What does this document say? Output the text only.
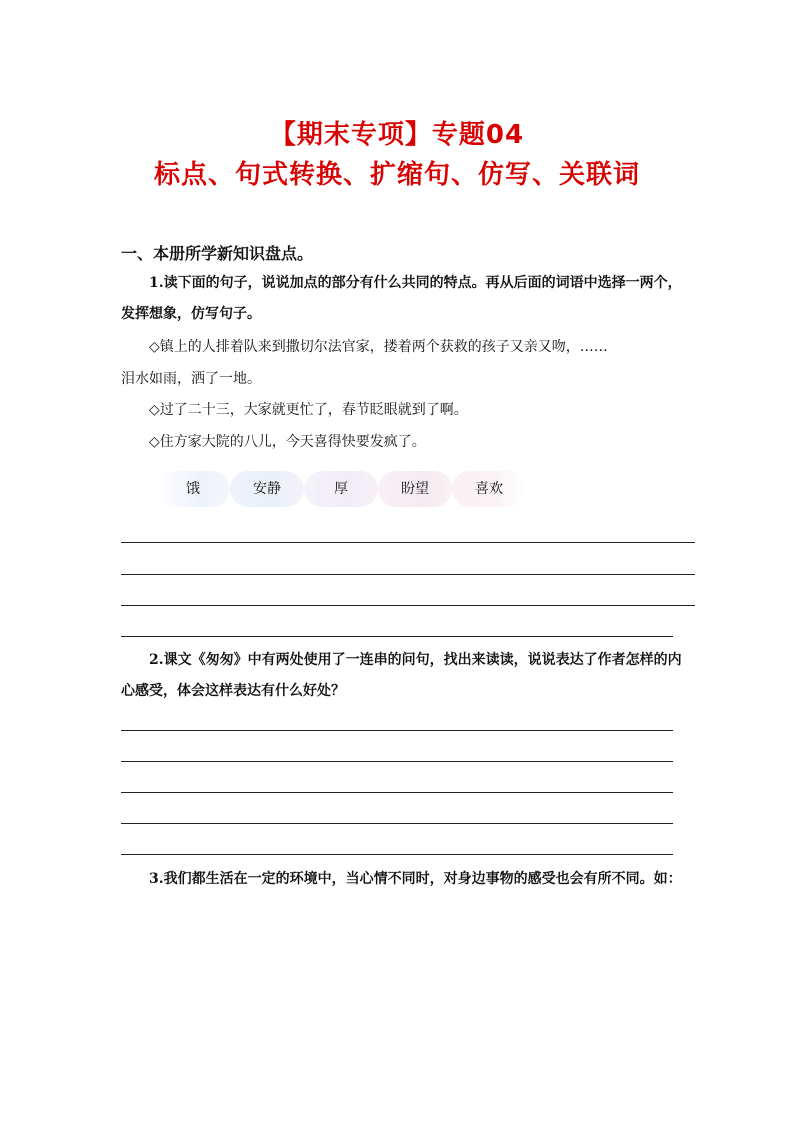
【期末专项】专题04
标点、句式转换、扩缩句、仿写、关联词
一、本册所学新知识盘点。
1.读下面的句子，说说加点的部分有什么共同的特点。再从后面的词语中选择一两个，发挥想象，仿写句子。
◇镇上的人排着队来到撒切尔法官家，搂着两个获救的孩子又亲又吻，……
泪水如雨，洒了一地。
◇过了二十三，大家就更忙了，春节眨眼就到了啊。
◇住方家大院的八儿，今天喜得快要发疯了。
饿	安静	厚	盼望	喜欢
2.课文《匆匆》中有两处使用了一连串的问句，找出来读读，说说表达了作者怎样的内心感受，体会这样表达有什么好处？
3.我们都生活在一定的环境中，当心情不同时，对身边事物的感受也会有所不同。如：
